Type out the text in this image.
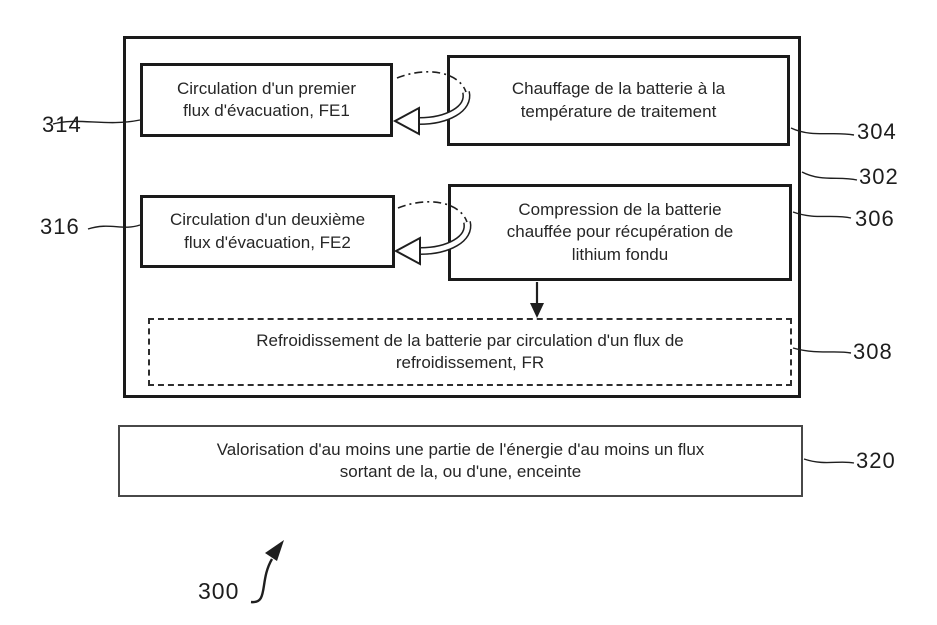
Circulation d'un premier
flux d'évacuation, FE1
Chauffage de la batterie à la
température de traitement
Circulation d'un deuxième
flux d'évacuation, FE2
Compression de la batterie
chauffée pour récupération de
lithium fondu
Refroidissement de la batterie par circulation d'un flux de
refroidissement, FR
Valorisation d'au moins une partie de l'énergie d'au moins un flux
sortant de la, ou d'une, enceinte
314
316
304
302
306
308
320
300
